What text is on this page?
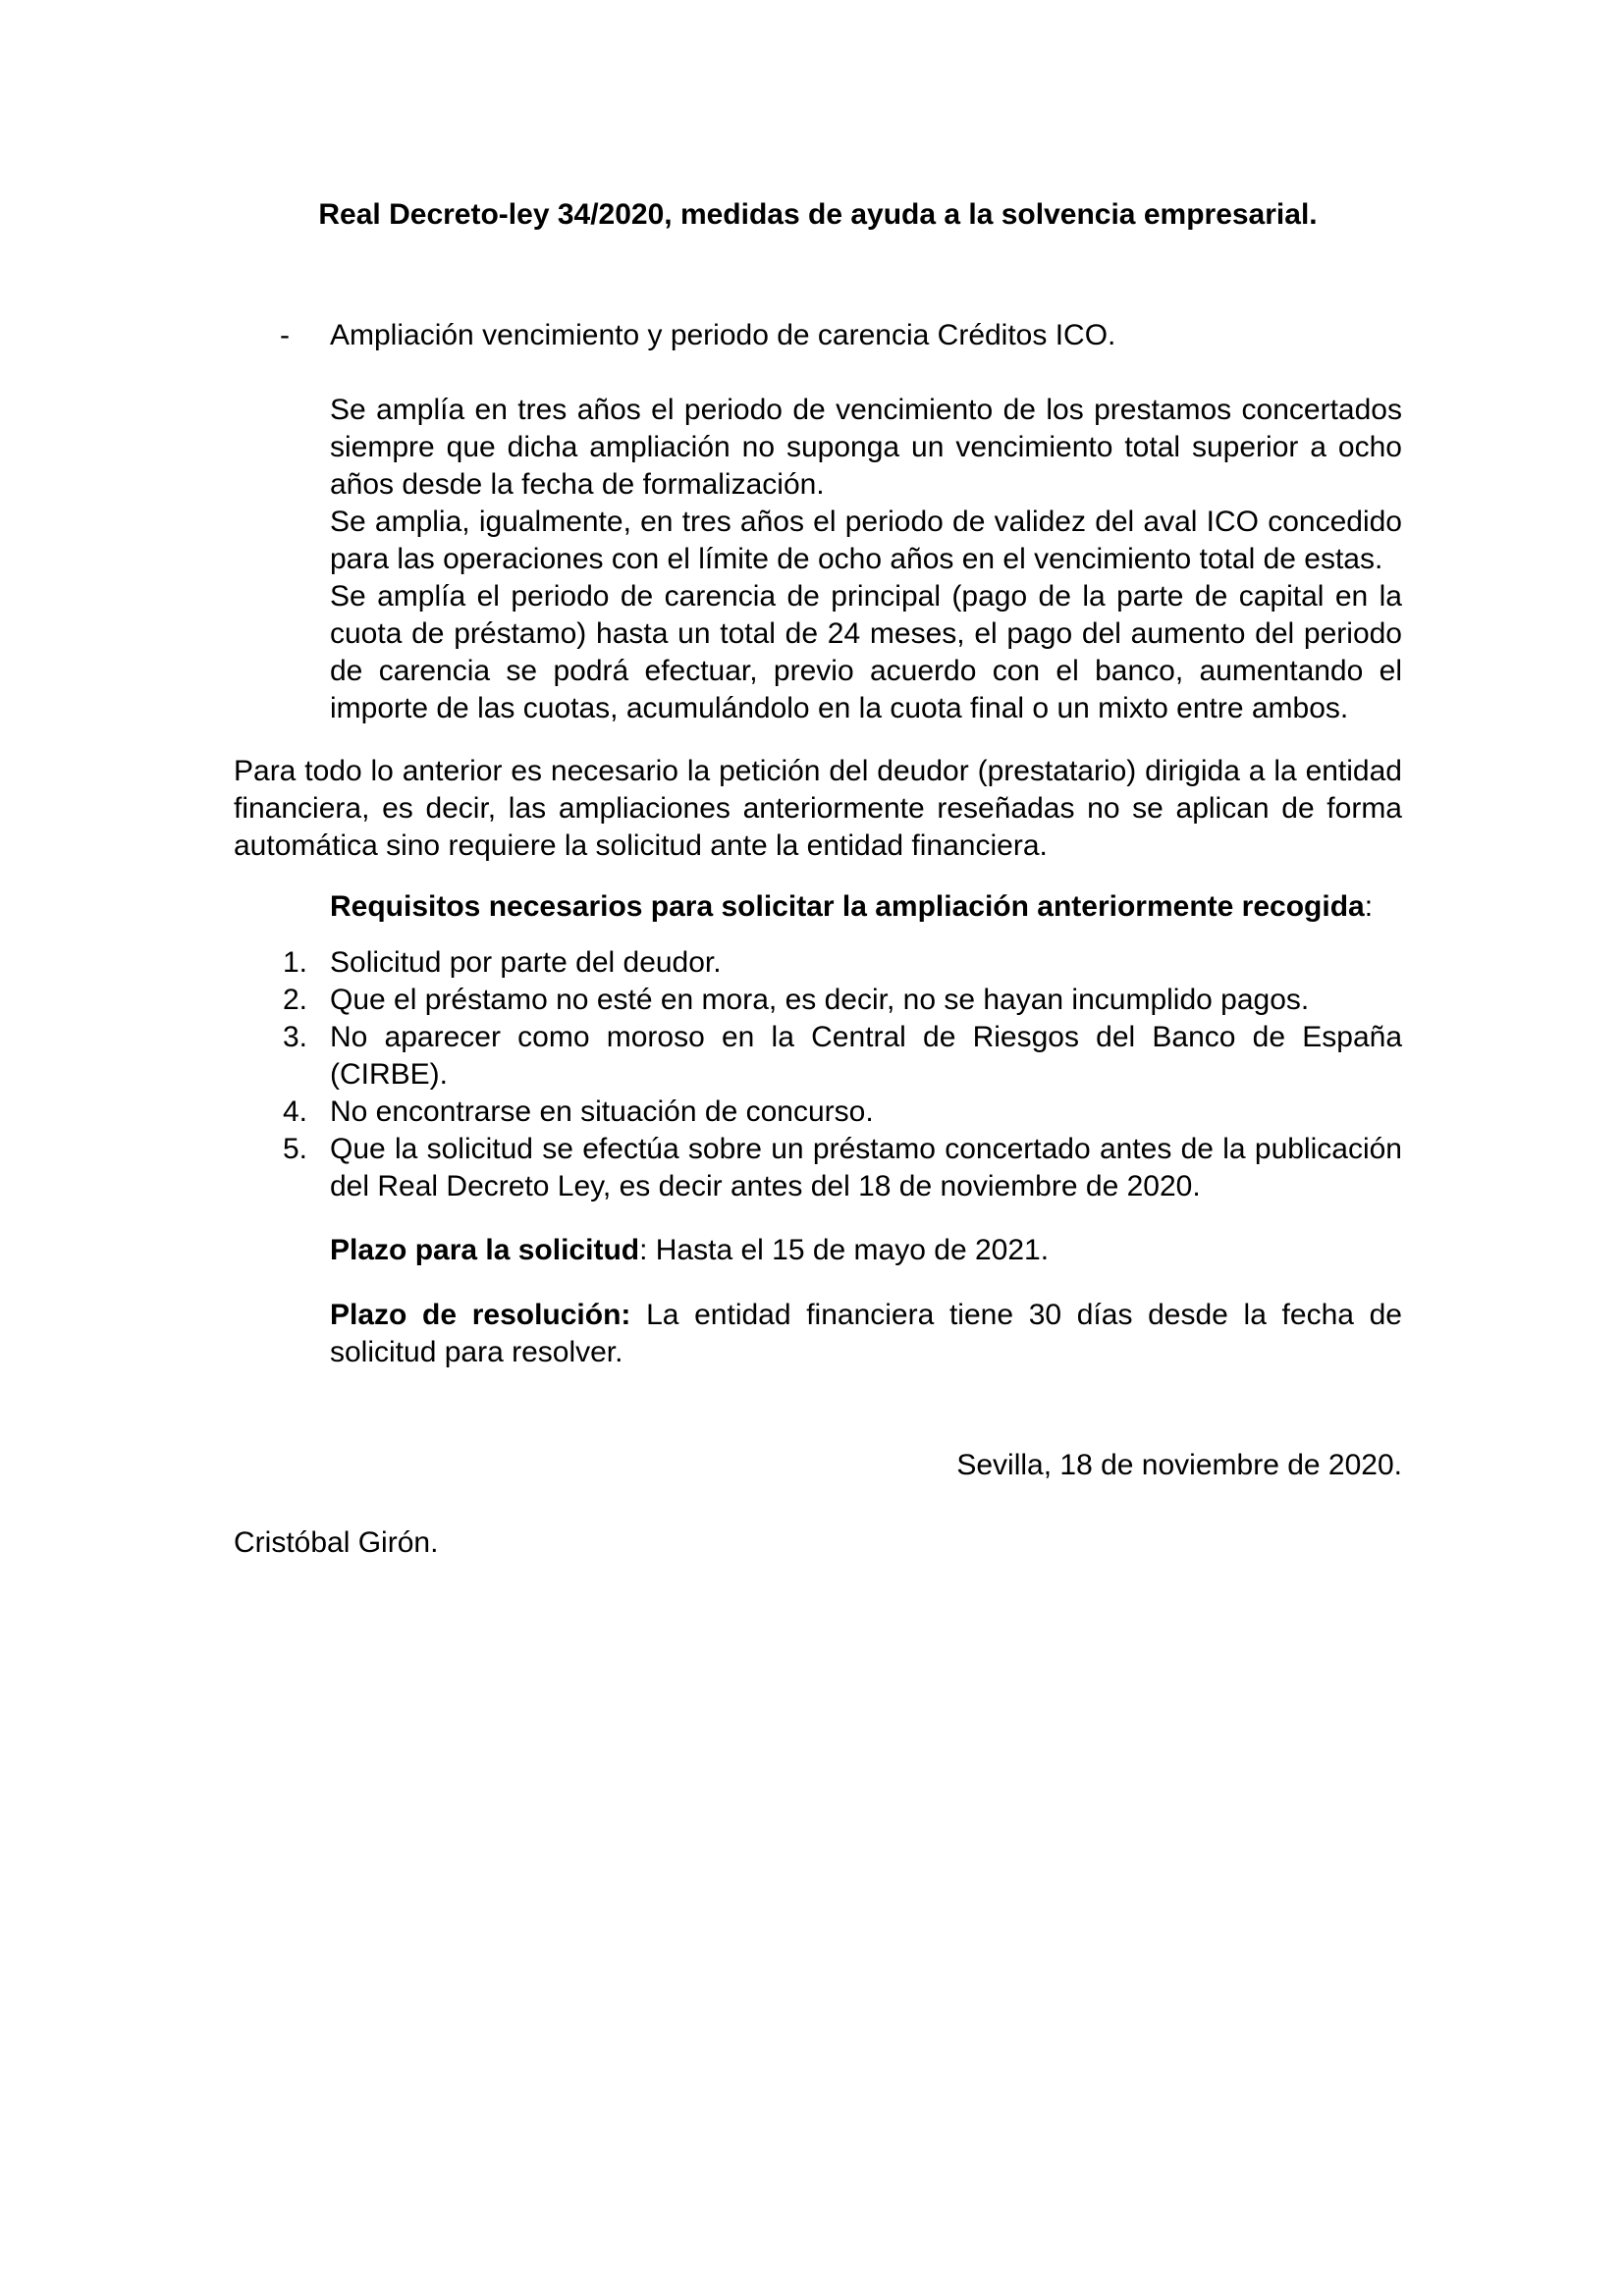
Real Decreto-ley 34/2020, medidas de ayuda a la solvencia empresarial.
- Ampliación vencimiento y periodo de carencia Créditos ICO.

Se amplía en tres años el periodo de vencimiento de los prestamos concertados siempre que dicha ampliación no suponga un vencimiento total superior a ocho años desde la fecha de formalización.

Se amplia, igualmente, en tres años el periodo de validez del aval ICO concedido para las operaciones con el límite de ocho años en el vencimiento total de estas.

Se amplía el periodo de carencia de principal (pago de la parte de capital en la cuota de préstamo) hasta un total de 24 meses, el pago del aumento del periodo de carencia se podrá efectuar, previo acuerdo con el banco, aumentando el importe de las cuotas, acumulándolo en la cuota final o un mixto entre ambos.

Para todo lo anterior es necesario la petición del deudor (prestatario) dirigida a la entidad financiera, es decir, las ampliaciones anteriormente reseñadas no se aplican de forma automática sino requiere la solicitud ante la entidad financiera.

Requisitos necesarios para solicitar la ampliación anteriormente recogida:

1. Solicitud por parte del deudor.
2. Que el préstamo no esté en mora, es decir, no se hayan incumplido pagos.
3. No aparecer como moroso en la Central de Riesgos del Banco de España (CIRBE).
4. No encontrarse en situación de concurso.
5. Que la solicitud se efectúa sobre un préstamo concertado antes de la publicación del Real Decreto Ley, es decir antes del 18 de noviembre de 2020.

Plazo para la solicitud: Hasta el 15 de mayo de 2021.

Plazo de resolución: La entidad financiera tiene 30 días desde la fecha de solicitud para resolver.

Sevilla, 18 de noviembre de 2020.

Cristóbal Girón.
